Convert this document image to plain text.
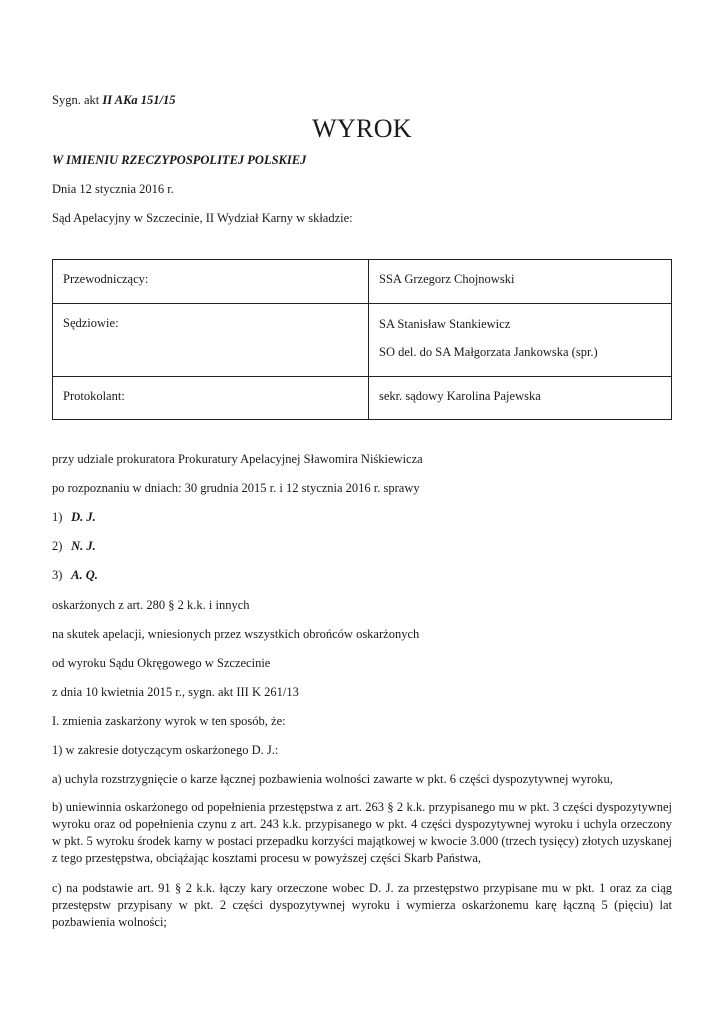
Sygn. akt II AKa 151/15
WYROK
W IMIENIU RZECZYPOSPOLITEJ POLSKIEJ
Dnia 12 stycznia 2016 r.
Sąd Apelacyjny w Szczecinie, II Wydział Karny w składzie:
Przewodniczący:	SSA Grzegorz Chojnowski
Sędziowie:	SA Stanisław Stankiewicz
SO del. do SA Małgorzata Jankowska (spr.)

Protokolant:	sekr. sądowy Karolina Pajewska
przy udziale prokuratora Prokuratury Apelacyjnej Sławomira Niśkiewicza
po rozpoznaniu w dniach: 30 grudnia 2015 r. i 12 stycznia 2016 r. sprawy
1) D. J.
2) N. J.
3) A. Q.
oskarżonych z art. 280 § 2 k.k. i innych
na skutek apelacji, wniesionych przez wszystkich obrońców oskarżonych
od wyroku Sądu Okręgowego w Szczecinie
z dnia 10 kwietnia 2015 r., sygn. akt III K 261/13
I. zmienia zaskarżony wyrok w ten sposób, że:
1) w zakresie dotyczącym oskarżonego D. J.:
a) uchyla rozstrzygnięcie o karze łącznej pozbawienia wolności zawarte w pkt. 6 części dyspozytywnej wyroku,
b) uniewinnia oskarżonego od popełnienia przestępstwa z art. 263 § 2 k.k. przypisanego mu w pkt. 3 części dyspozytywnej wyroku oraz od popełnienia czynu z art. 243 k.k. przypisanego w pkt. 4 części dyspozytywnej wyroku i uchyla orzeczony w pkt. 5 wyroku środek karny w postaci przepadku korzyści majątkowej w kwocie 3.000 (trzech tysięcy) złotych uzyskanej z tego przestępstwa, obciążając kosztami procesu w powyższej części Skarb Państwa,
c) na podstawie art. 91 § 2 k.k. łączy kary orzeczone wobec D. J. za przestępstwo przypisane mu w pkt. 1 oraz za ciąg przestępstw przypisany w pkt. 2 części dyspozytywnej wyroku i wymierza oskarżonemu karę łączną 5 (pięciu) lat pozbawienia wolności;
